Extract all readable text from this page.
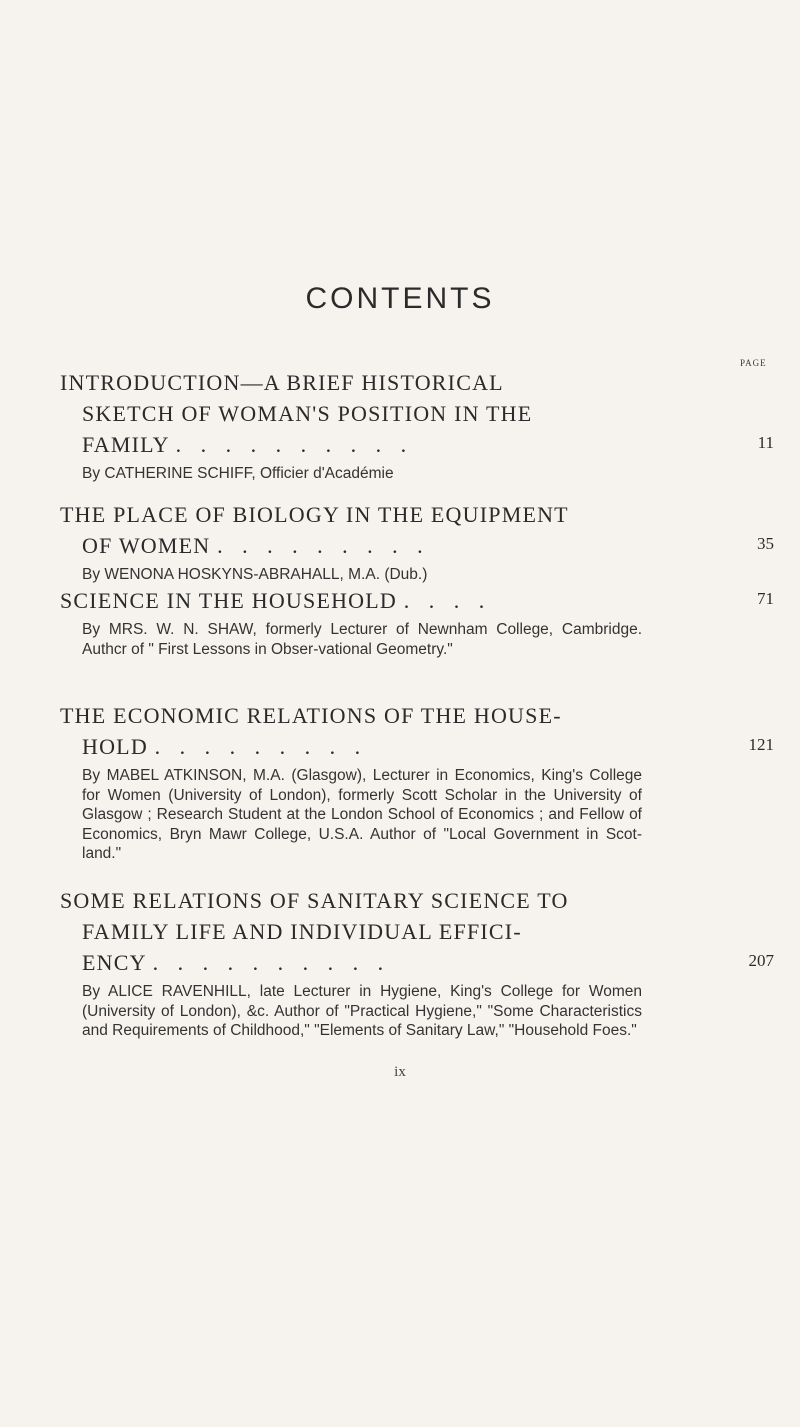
CONTENTS
PAGE
INTRODUCTION—A BRIEF HISTORICAL
SKETCH OF WOMAN'S POSITION IN THE
FAMILY . . . . . . . . . .	11
By CATHERINE SCHIFF, Officier d'Académie
THE PLACE OF BIOLOGY IN THE EQUIPMENT
OF WOMEN . . . . . . . . .	35
By WENONA HOSKYNS-ABRAHALL, M.A. (Dub.)
SCIENCE IN THE HOUSEHOLD . . . .	71
By MRS. W. N. SHAW, formerly Lecturer of Newnham College, Cambridge. Authcr of " First Lessons in Obser-vational Geometry."
THE ECONOMIC RELATIONS OF THE HOUSE-
HOLD . . . . . . . . .	121
By MABEL ATKINSON, M.A. (Glasgow), Lecturer in Economics, King's College for Women (University of London), formerly Scott Scholar in the University of Glasgow ; Research Student at the London School of Economics ; and Fellow of Economics, Bryn Mawr College, U.S.A. Author of "Local Government in Scot-land."
SOME RELATIONS OF SANITARY SCIENCE TO
FAMILY LIFE AND INDIVIDUAL EFFICI-
ENCY . . . . . . . . . .	207
By ALICE RAVENHILL, late Lecturer in Hygiene, King's College for Women (University of London), &c. Author of "Practical Hygiene," "Some Characteristics and Requirements of Childhood," "Elements of Sanitary Law," "Household Foes."
ix
